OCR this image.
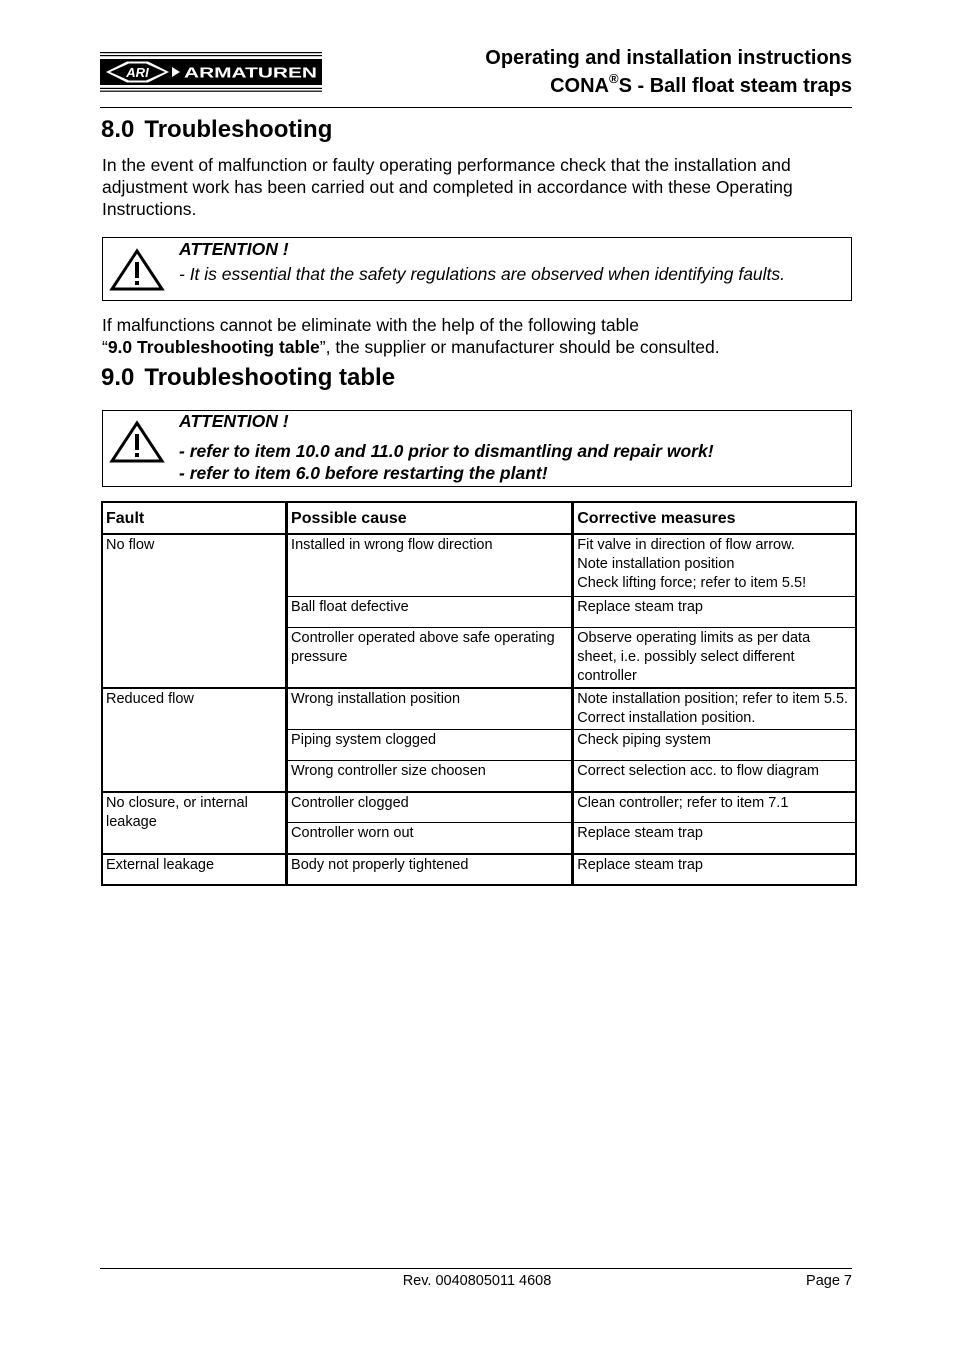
ARI ARMATUREN
Operating and installation instructions
CONA®S - Ball float steam traps
8.0 Troubleshooting
In the event of malfunction or faulty operating performance check that the installation and adjustment work has been carried out and completed in accordance with these Operating Instructions.
ATTENTION !
- It is essential that the safety regulations are observed when identifying faults.
If malfunctions cannot be eliminate with the help of the following table
“9.0 Troubleshooting table”, the supplier or manufacturer should be consulted.
9.0 Troubleshooting table
ATTENTION !
- refer to item 10.0 and 11.0 prior to dismantling and repair work!
- refer to item 6.0 before restarting the plant!
Fault	Possible cause	Corrective measures
No flow	Installed in wrong flow direction	Fit valve in direction of flow arrow.
Note installation position
Check lifting force; refer to item 5.5!

	Ball float defective	Replace steam trap

	Controller operated above safe operating pressure	Observe operating limits as per data sheet, i.e. possibly select different controller

Reduced flow	Wrong installation position	Note installation position; refer to item 5.5. Correct installation position.

	Piping system clogged	Check piping system

	Wrong controller size choosen	Correct selection acc. to flow diagram

No closure, or internal leakage	Controller clogged	Clean controller; refer to item 7.1

	Controller worn out	Replace steam trap

External leakage	Body not properly tightened	Replace steam trap
Rev. 0040805011 4608	Page 7
